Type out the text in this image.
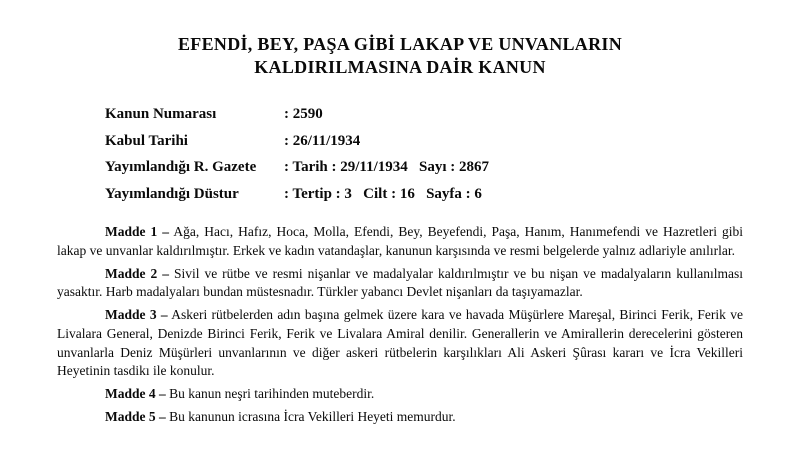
EFENDİ, BEY, PAŞA GİBİ LAKAP VE UNVANLARIN
KALDIRILMASINA DAİR KANUN
Kanun Numarası	: 2590
Kabul Tarihi	: 26/11/1934
Yayımlandığı R. Gazete	: Tarih : 29/11/1934   Sayı : 2867
Yayımlandığı Düstur	: Tertip : 3   Cilt : 16   Sayfa : 6

Madde 1 – Ağa, Hacı, Hafız, Hoca, Molla, Efendi, Bey, Beyefendi, Paşa, Hanım, Hanımefendi ve Hazretleri gibi lakap ve unvanlar kaldırılmıştır. Erkek ve kadın vatandaşlar, kanunun karşısında ve resmi belgelerde yalnız adlariyle anılırlar.

Madde 2 – Sivil ve rütbe ve resmi nişanlar ve madalyalar kaldırılmıştır ve bu nişan ve madalyaların kullanılması yasaktır. Harb madalyaları bundan müstesnadır. Türkler yabancı Devlet nişanları da taşıyamazlar.

Madde 3 – Askeri rütbelerden adın başına gelmek üzere kara ve havada Müşürlere Mareşal, Birinci Ferik, Ferik ve Livalara General, Denizde Birinci Ferik, Ferik ve Livalara Amiral denilir. Generallerin ve Amirallerin derecelerini gösteren unvanlarla Deniz Müşürleri unvanlarının ve diğer askeri rütbelerin karşılıkları Ali Askeri Şûrası kararı ve İcra Vekilleri Heyetinin tasdikı ile konulur.

Madde 4 – Bu kanun neşri tarihinden muteberdir.

Madde 5 – Bu kanunun icrasına İcra Vekilleri Heyeti memurdur.
